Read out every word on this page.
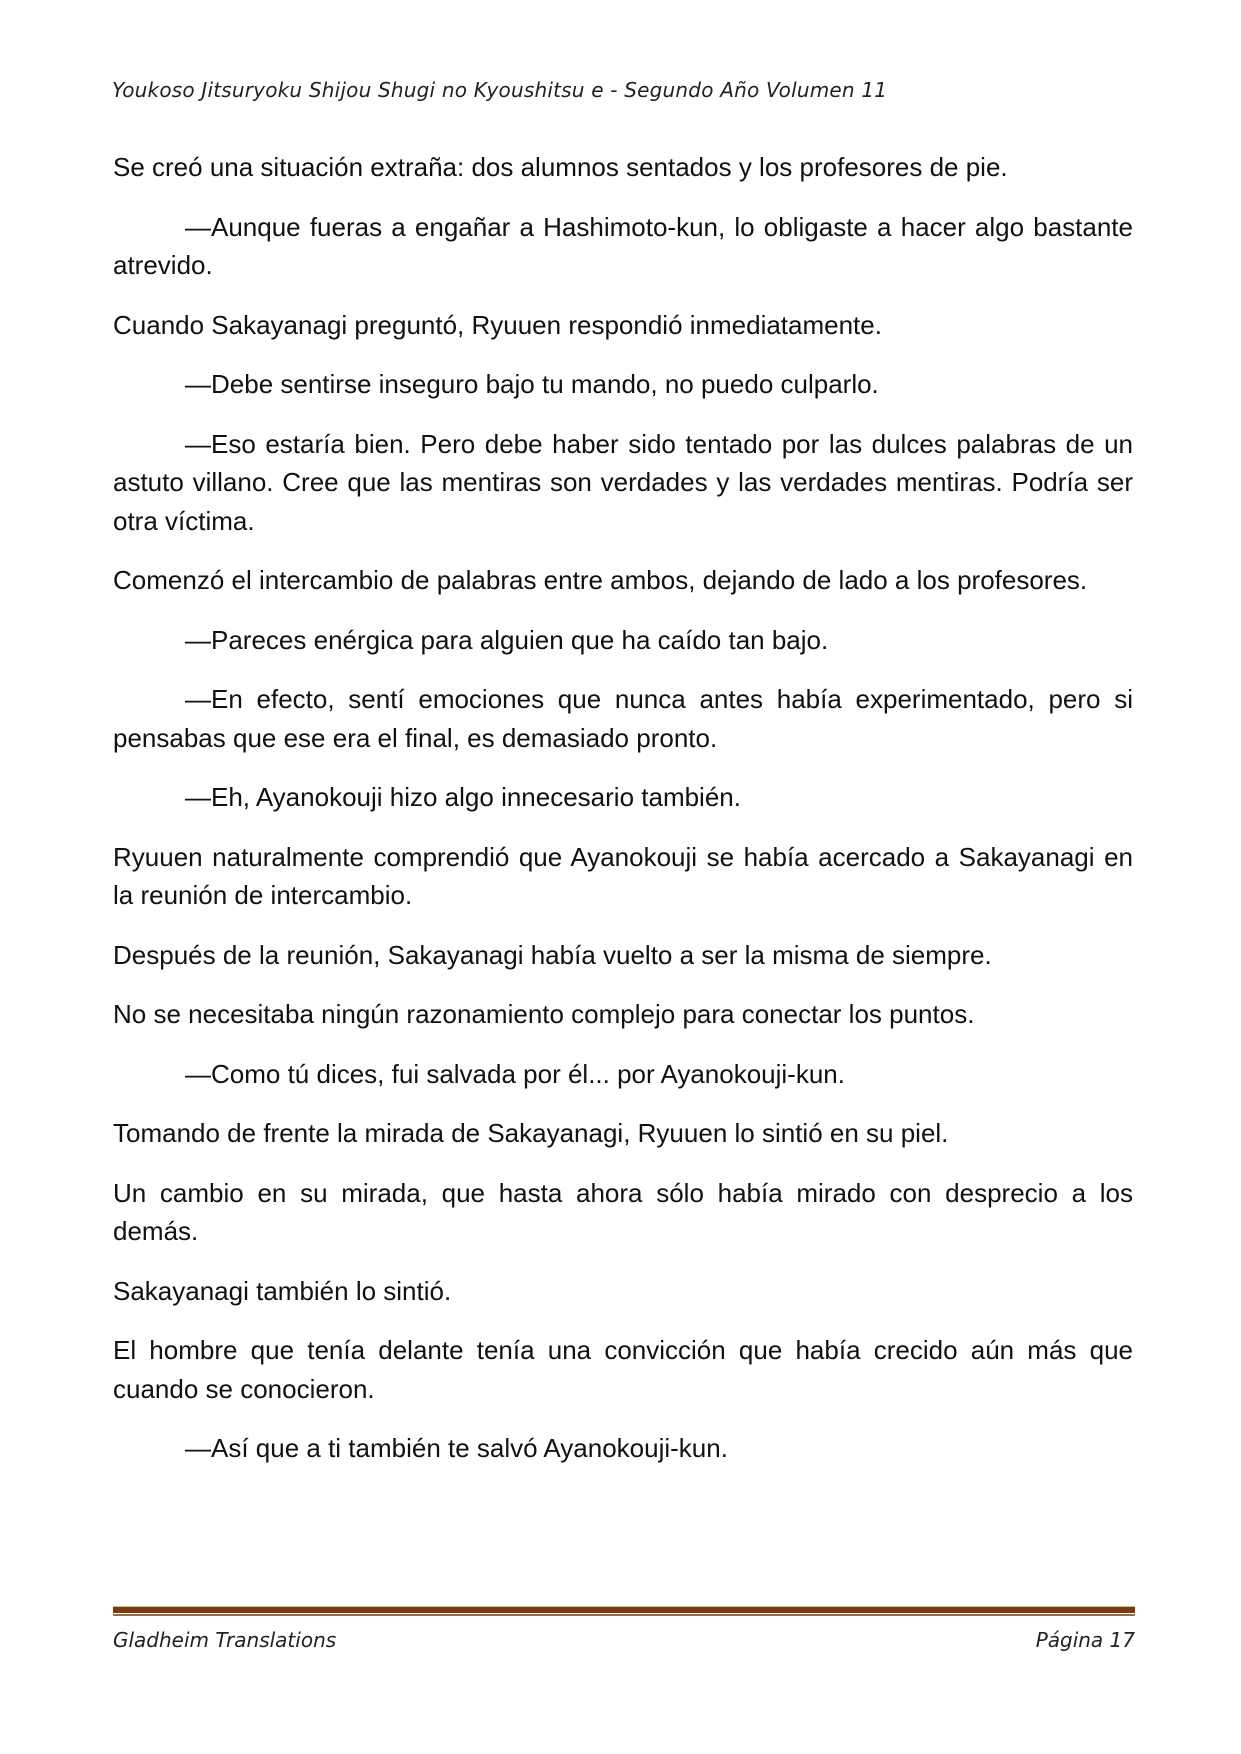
Youkoso Jitsuryoku Shijou Shugi no Kyoushitsu e - Segundo Año Volumen 11

Se creó una situación extraña: dos alumnos sentados y los profesores de pie.

—Aunque fueras a engañar a Hashimoto-kun, lo obligaste a hacer algo bastante atrevido.

Cuando Sakayanagi preguntó, Ryuuen respondió inmediatamente.

—Debe sentirse inseguro bajo tu mando, no puedo culparlo.

—Eso estaría bien. Pero debe haber sido tentado por las dulces palabras de un astuto villano. Cree que las mentiras son verdades y las verdades mentiras. Podría ser otra víctima.

Comenzó el intercambio de palabras entre ambos, dejando de lado a los profesores.

—Pareces enérgica para alguien que ha caído tan bajo.

—En efecto, sentí emociones que nunca antes había experimentado, pero si pensabas que ese era el final, es demasiado pronto.

—Eh, Ayanokouji hizo algo innecesario también.

Ryuuen naturalmente comprendió que Ayanokouji se había acercado a Sakayanagi en la reunión de intercambio.

Después de la reunión, Sakayanagi había vuelto a ser la misma de siempre.

No se necesitaba ningún razonamiento complejo para conectar los puntos.

—Como tú dices, fui salvada por él... por Ayanokouji-kun.

Tomando de frente la mirada de Sakayanagi, Ryuuen lo sintió en su piel.

Un cambio en su mirada, que hasta ahora sólo había mirado con desprecio a los demás.

Sakayanagi también lo sintió.

El hombre que tenía delante tenía una convicción que había crecido aún más que cuando se conocieron.

—Así que a ti también te salvó Ayanokouji-kun.

Gladheim Translations	Página 17
